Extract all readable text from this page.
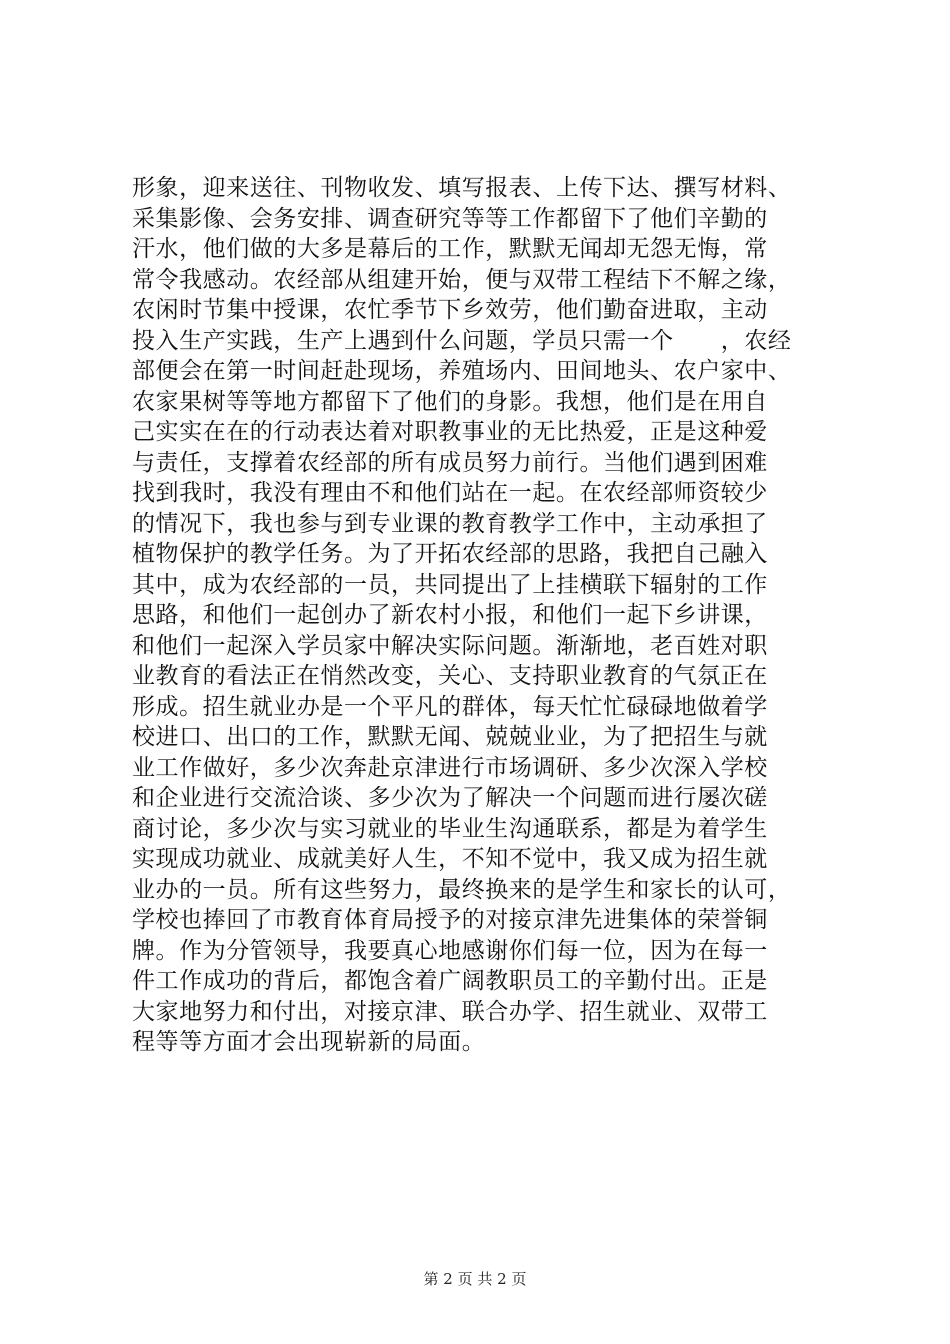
形象，迎来送往、刊物收发、填写报表、上传下达、撰写材料、
采集影像、会务安排、调查研究等等工作都留下了他们辛勤的
汗水，他们做的大多是幕后的工作，默默无闻却无怨无悔，常
常令我感动。农经部从组建开始，便与双带工程结下不解之缘，
农闲时节集中授课，农忙季节下乡效劳，他们勤奋进取，主动
投入生产实践，生产上遇到什么问题，学员只需一个　　，农经
部便会在第一时间赶赴现场，养殖场内、田间地头、农户家中、
农家果树等等地方都留下了他们的身影。我想，他们是在用自
己实实在在的行动表达着对职教事业的无比热爱，正是这种爱
与责任，支撑着农经部的所有成员努力前行。当他们遇到困难
找到我时，我没有理由不和他们站在一起。在农经部师资较少
的情况下，我也参与到专业课的教育教学工作中，主动承担了
植物保护的教学任务。为了开拓农经部的思路，我把自己融入
其中，成为农经部的一员，共同提出了上挂横联下辐射的工作
思路，和他们一起创办了新农村小报，和他们一起下乡讲课，
和他们一起深入学员家中解决实际问题。渐渐地，老百姓对职
业教育的看法正在悄然改变，关心、支持职业教育的气氛正在
形成。招生就业办是一个平凡的群体，每天忙忙碌碌地做着学
校进口、出口的工作，默默无闻、兢兢业业，为了把招生与就
业工作做好，多少次奔赴京津进行市场调研、多少次深入学校
和企业进行交流洽谈、多少次为了解决一个问题而进行屡次磋
商讨论，多少次与实习就业的毕业生沟通联系，都是为着学生
实现成功就业、成就美好人生，不知不觉中，我又成为招生就
业办的一员。所有这些努力，最终换来的是学生和家长的认可，
学校也捧回了市教育体育局授予的对接京津先进集体的荣誉铜
牌。作为分管领导，我要真心地感谢你们每一位，因为在每一
件工作成功的背后，都饱含着广阔教职员工的辛勤付出。正是
大家地努力和付出，对接京津、联合办学、招生就业、双带工
程等等方面才会出现崭新的局面。
第 2 页 共 2 页
